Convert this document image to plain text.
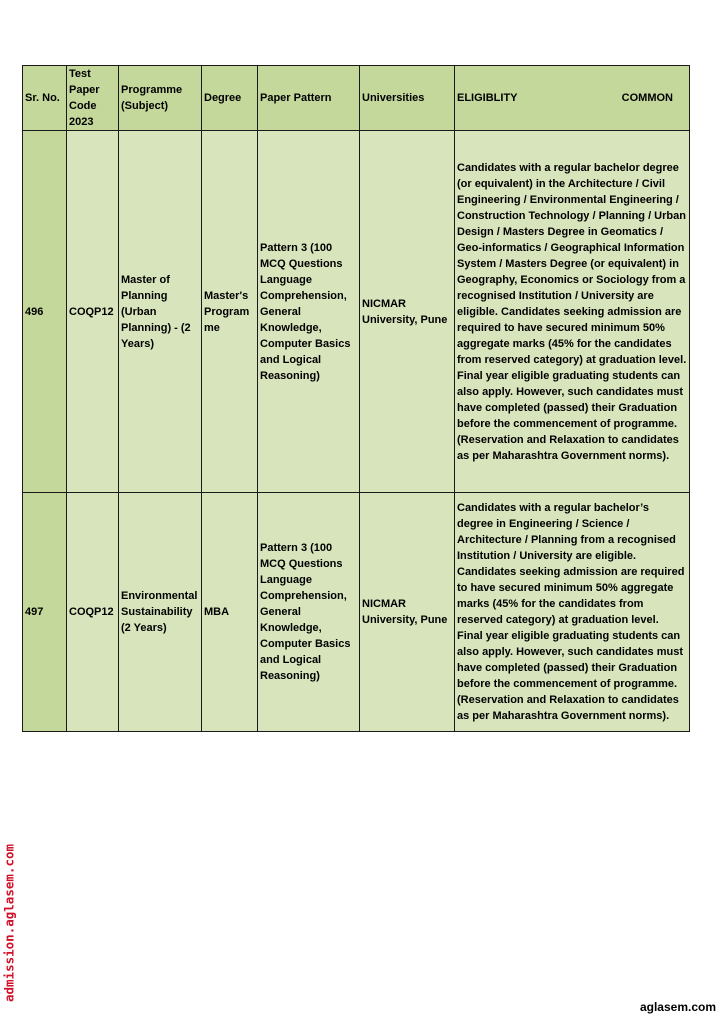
Sr. No.	Test Paper Code 2023	Programme (Subject)	Degree	Paper Pattern	Universities	ELIGIBLITY COMMON

496	COQP12	Master of Planning (Urban Planning) - (2 Years)	Master's Programme	Pattern 3 (100 MCQ Questions Language Comprehension, General Knowledge, Computer Basics and Logical Reasoning)	NICMAR University, Pune	Candidates with a regular bachelor degree (or equivalent) in the Architecture / Civil Engineering / Environmental Engineering / Construction Technology / Planning / Urban Design / Masters Degree in Geomatics / Geo-informatics / Geographical Information System / Masters Degree (or equivalent) in Geography, Economics or Sociology from a recognised Institution / University are eligible. Candidates seeking admission are required to have secured minimum 50% aggregate marks (45% for the candidates from reserved category) at graduation level. Final year eligible graduating students can also apply. However, such candidates must have completed (passed) their Graduation before the commencement of programme. (Reservation and Relaxation to candidates as per Maharashtra Government norms).
497	COQP12	Environmental Sustainability (2 Years)	MBA	Pattern 3 (100 MCQ Questions Language Comprehension, General Knowledge, Computer Basics and Logical Reasoning)	NICMAR University, Pune	Candidates with a regular bachelor’s degree in Engineering / Science / Architecture / Planning from a recognised Institution / University are eligible. Candidates seeking admission are required to have secured minimum 50% aggregate marks (45% for the candidates from reserved category) at graduation level. Final year eligible graduating students can also apply. However, such candidates must have completed (passed) their Graduation before the commencement of programme. (Reservation and Relaxation to candidates as per Maharashtra Government norms).
admission.aglasem.com
aglasem.com
